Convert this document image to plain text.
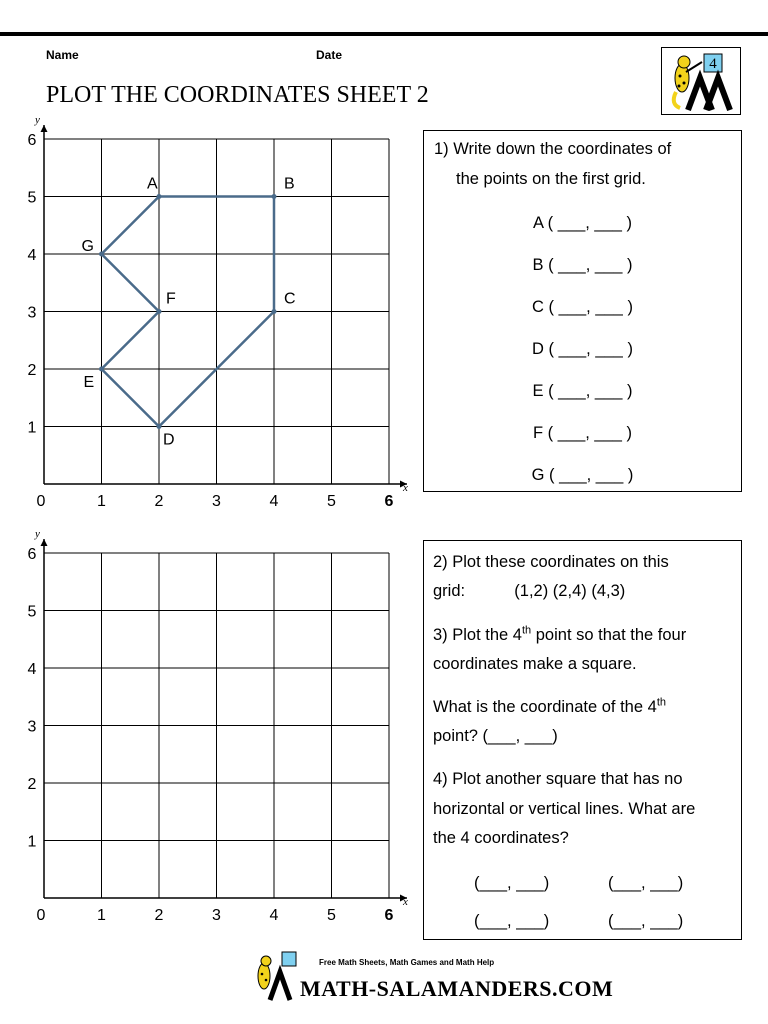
Name	Date
PLOT THE COORDINATES SHEET 2
4
x
y
0	1	2	3	4	5	6
1
2
3
4
5
6
A	B
C
D
E
F
G
x
y
0	1	2	3	4	5	6
1
2
3
4
5
6
1) Write down the coordinates of
the points on the first grid.
A ( ___, ___ )
B ( ___, ___ )
C ( ___, ___ )
D ( ___, ___ )
E ( ___, ___ )
F ( ___, ___ )
G ( ___, ___ )

2) Plot these coordinates on this

grid:	(1,2) (2,4) (4,3)

3) Plot the 4th point so that the four

coordinates make a square.

What is the coordinate of the 4th

point? (___, ___)

4) Plot another square that has no

horizontal or vertical lines. What are

the 4 coordinates?

(___, ___)	(___, ___)
(___, ___)	(___, ___)
Free Math Sheets, Math Games and Math Help
MATH-SALAMANDERS.COM
